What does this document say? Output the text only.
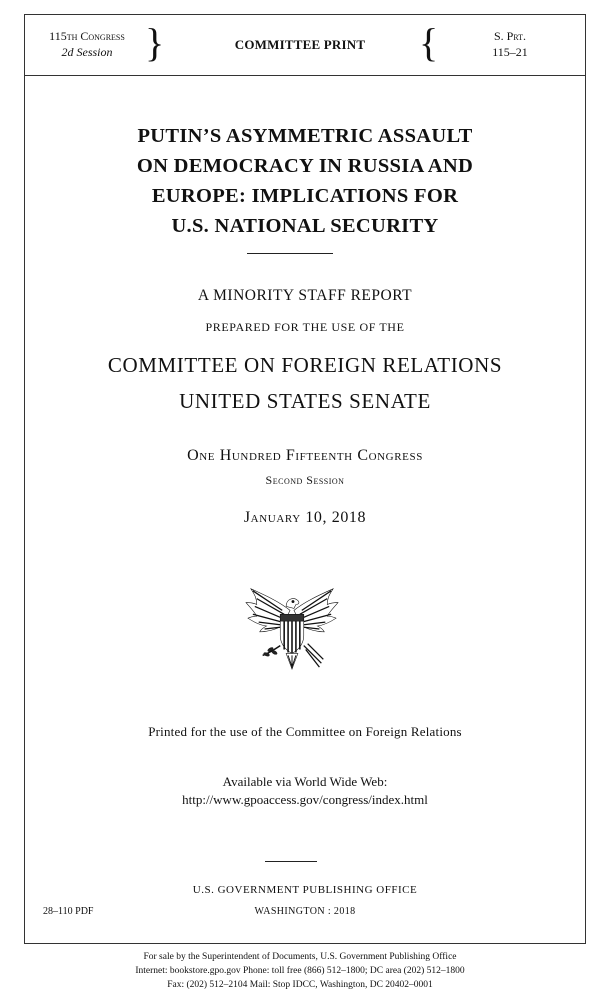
115th Congress
2d Session }	COMMITTEE PRINT	{	S. Prt.
115–21
PUTIN’S ASYMMETRIC ASSAULT
ON DEMOCRACY IN RUSSIA AND
EUROPE: IMPLICATIONS FOR
U.S. NATIONAL SECURITY
A MINORITY STAFF REPORT
PREPARED FOR THE USE OF THE
COMMITTEE ON FOREIGN RELATIONS
UNITED STATES SENATE
One Hundred Fifteenth Congress
Second Session
January 10, 2018
Printed for the use of the Committee on Foreign Relations
Available via World Wide Web:
http://www.gpoaccess.gov/congress/index.html
U.S. GOVERNMENT PUBLISHING OFFICE
28–110 PDF	WASHINGTON : 2018
For sale by the Superintendent of Documents, U.S. Government Publishing Office
Internet: bookstore.gpo.gov Phone: toll free (866) 512–1800; DC area (202) 512–1800
Fax: (202) 512–2104 Mail: Stop IDCC, Washington, DC 20402–0001
